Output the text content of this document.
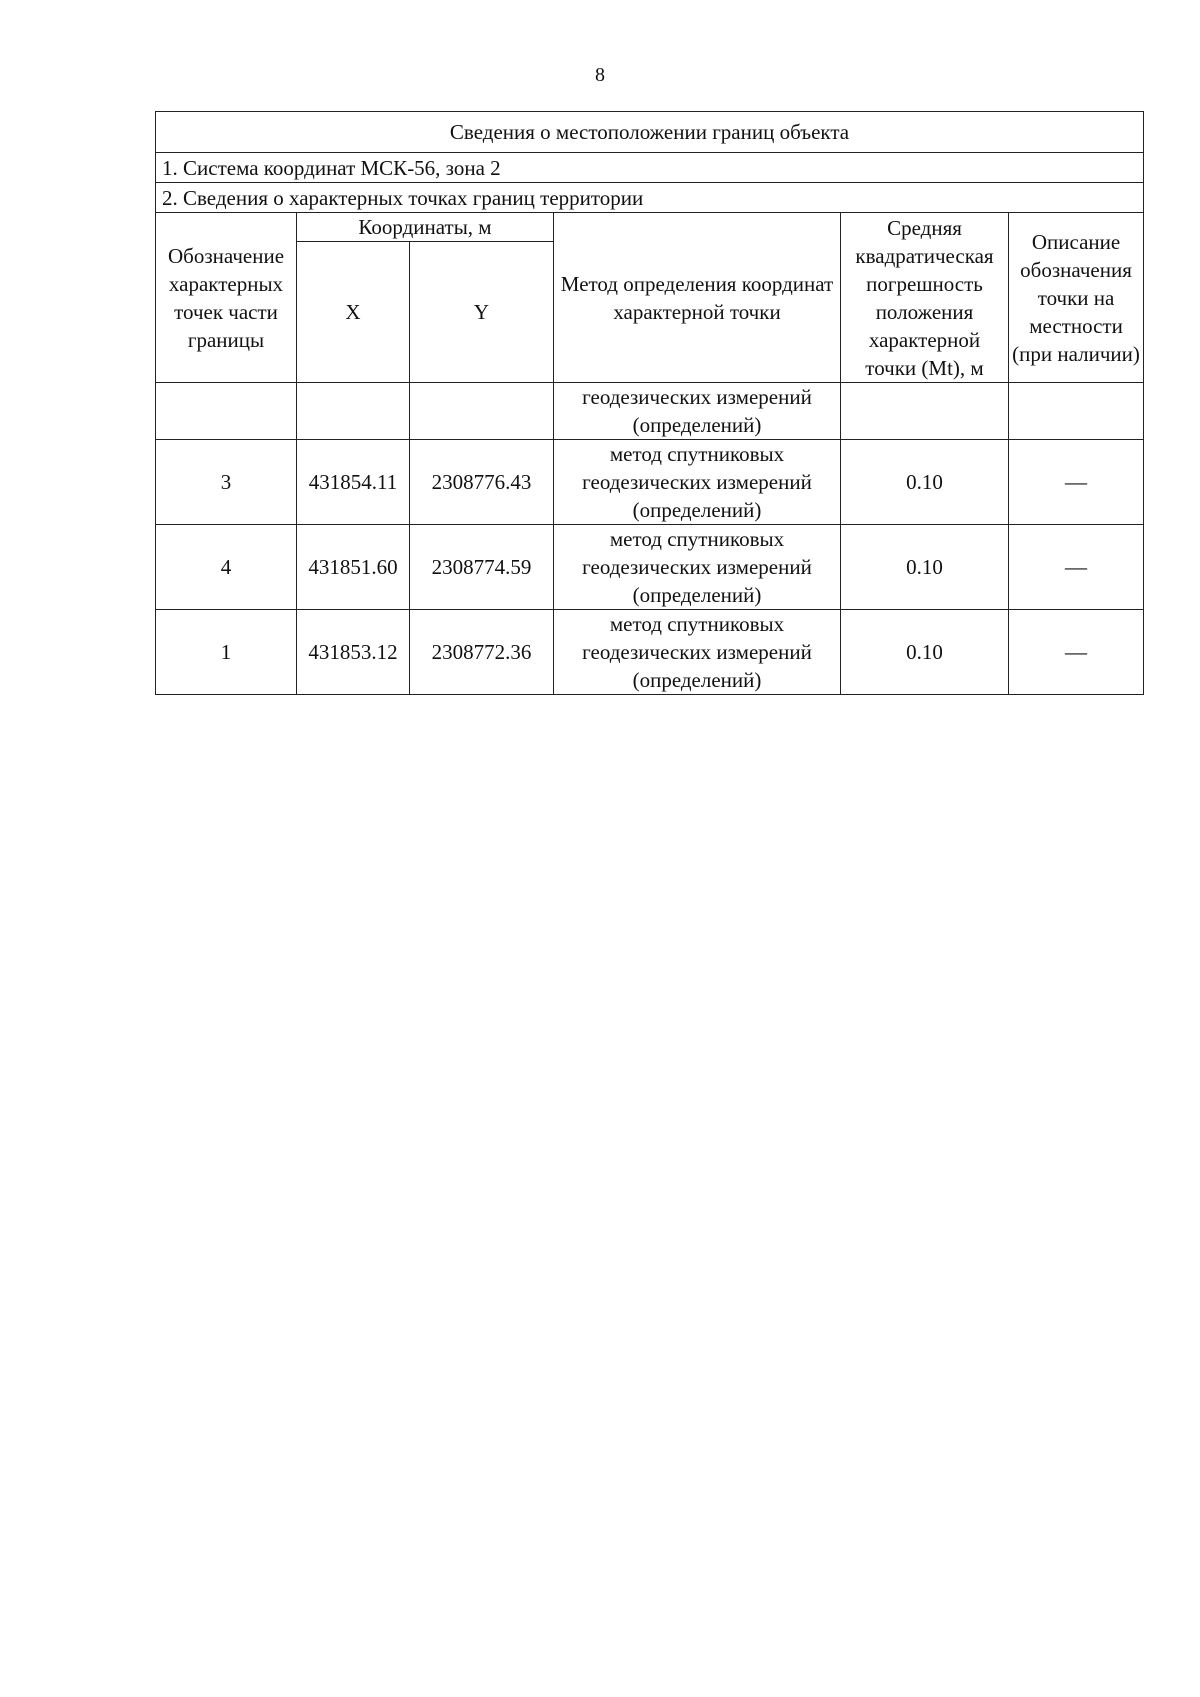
8
Сведения о местоположении границ объекта					
1. Система координат МСК-56, зона 2					
2. Сведения о характерных точках границ территории					
Обозначение характерных точек части границы	Координаты, м		Метод определения координат характерной точки	Средняя квадратическая погрешность положения характерной точки (Mt), м	Описание обозначения точки на местности (при наличии)
	X	Y			
			геодезических измерений (определений)		
3	431854.11	2308776.43	метод спутниковых геодезических измерений (определений)	0.10	—
4	431851.60	2308774.59	метод спутниковых геодезических измерений (определений)	0.10	—
1	431853.12	2308772.36	метод спутниковых геодезических измерений (определений)	0.10	—
